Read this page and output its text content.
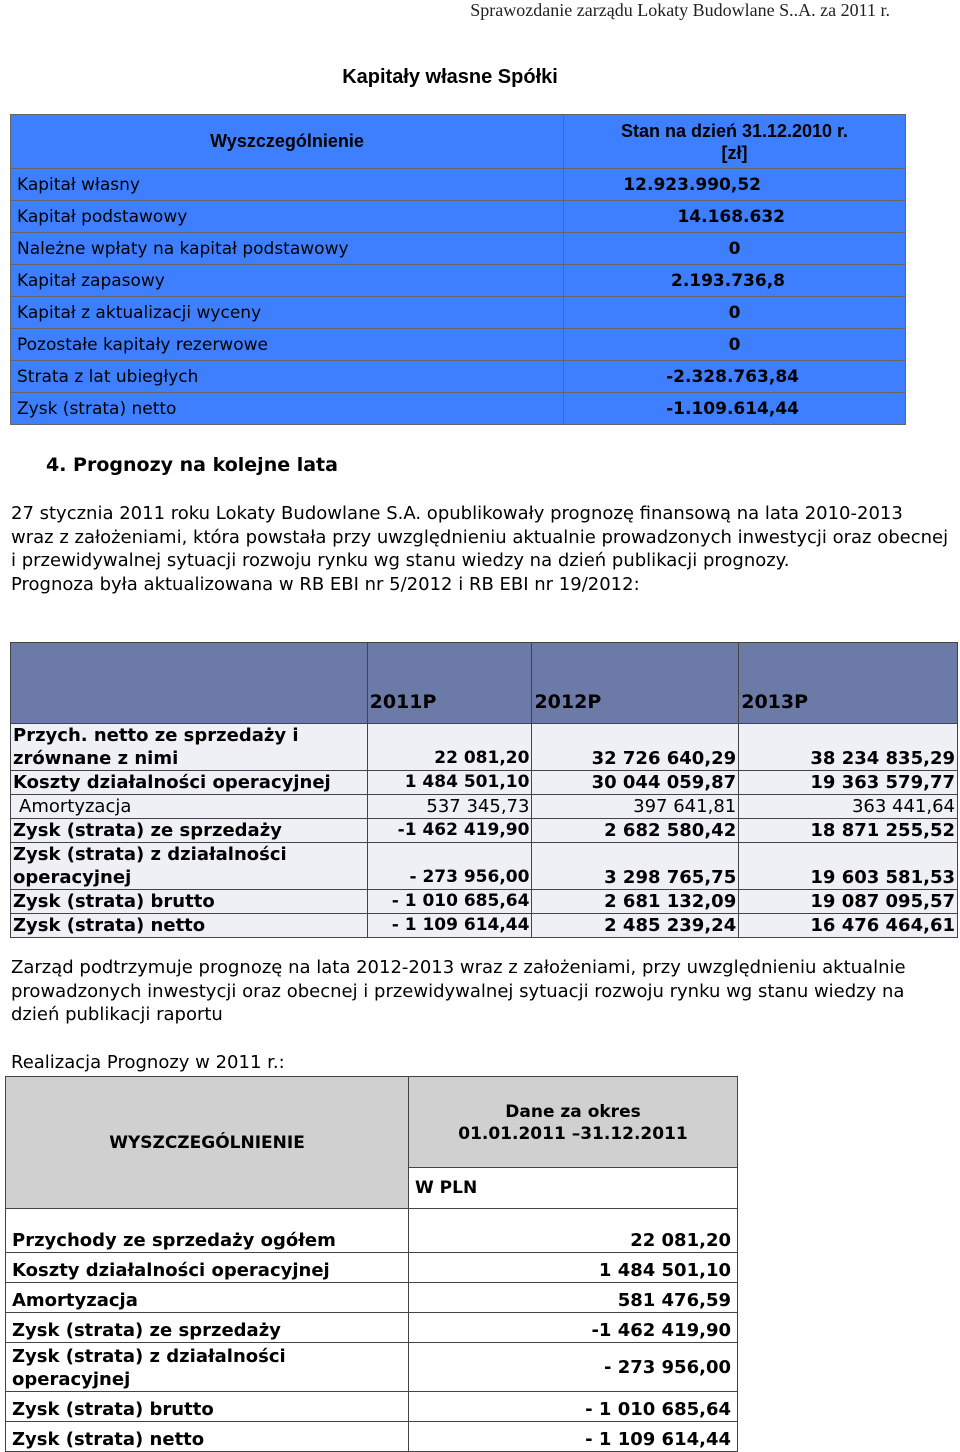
Sprawozdanie zarządu Lokaty Budowlane S..A. za 2011 r.
Kapitały własne Spółki
Wyszczególnienie	Stan na dzień 31.12.2010 r.
[zł]
Kapitał własny	12.923.990,52
Kapitał podstawowy	14.168.632
Należne wpłaty na kapitał podstawowy	0
Kapitał zapasowy	2.193.736,8
Kapitał z aktualizacji wyceny	0
Pozostałe kapitały rezerwowe	0
Strata z lat ubiegłych	-2.328.763,84
Zysk (strata) netto	-1.109.614,44
4. Prognozy na kolejne lata
27 stycznia 2011 roku Lokaty Budowlane S.A. opublikowały prognozę finansową na lata 2010-2013 wraz z założeniami, która powstała przy uwzględnieniu aktualnie prowadzonych inwestycji oraz obecnej i przewidywalnej sytuacji rozwoju rynku wg stanu wiedzy na dzień publikacji prognozy.
Prognoza była aktualizowana w RB EBI nr 5/2012 i RB EBI nr 19/2012:
	2011P	2012P	2013P
Przych. netto ze sprzedaży i zrównane z nimi	22 081,20	32 726 640,29	38 234 835,29
Koszty działalności operacyjnej	1 484 501,10	30 044 059,87	19 363 579,77
Amortyzacja	537 345,73	397 641,81	363 441,64
Zysk (strata) ze sprzedaży	-1 462 419,90	2 682 580,42	18 871 255,52
Zysk (strata) z działalności operacyjnej	- 273 956,00	3 298 765,75	19 603 581,53
Zysk (strata) brutto	- 1 010 685,64	2 681 132,09	19 087 095,57
Zysk (strata) netto	- 1 109 614,44	2 485 239,24	16 476 464,61
Zarząd podtrzymuje prognozę na lata 2012-2013 wraz z założeniami, przy uwzględnieniu aktualnie prowadzonych inwestycji oraz obecnej i przewidywalnej sytuacji rozwoju rynku wg stanu wiedzy na dzień publikacji raportu
Realizacja Prognozy w 2011 r.:
WYSZCZEGÓLNIENIE	Dane za okres
01.01.2011 –31.12.2011
	W PLN
Przychody ze sprzedaży ogółem	22 081,20
Koszty działalności operacyjnej	1 484 501,10
Amortyzacja	581 476,59
Zysk (strata) ze sprzedaży	-1 462 419,90
Zysk (strata) z działalności operacyjnej	- 273 956,00
Zysk (strata) brutto	- 1 010 685,64
Zysk (strata) netto	- 1 109 614,44
